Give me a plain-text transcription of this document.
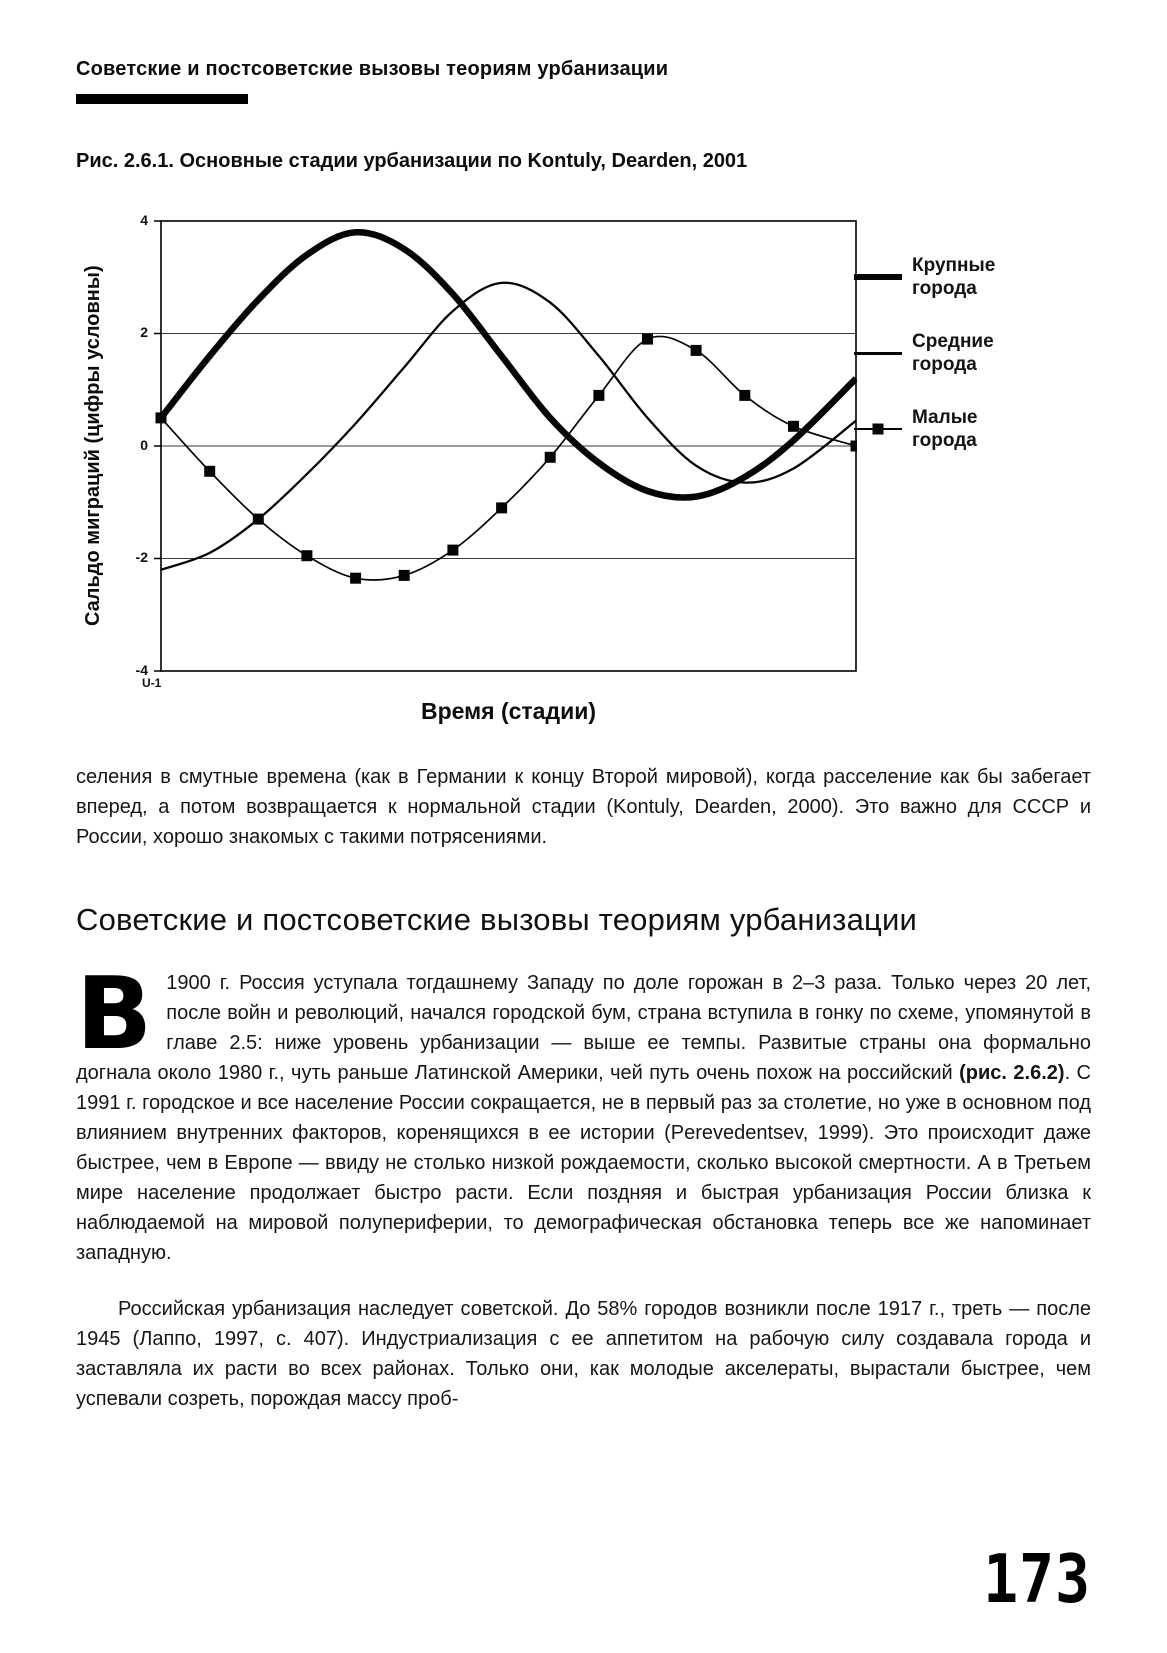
Советские и постсоветские вызовы теориям урбанизации
Рис. 2.6.1. Основные стадии урбанизации по Kontuly, Dearden, 2001
Сальдо миграций (цифры условны)
4
2
0
-2
-4
U-1
Время (стадии)
Крупные города
Средние города
Малые города

селения в смутные времена (как в Германии к концу Второй мировой), когда расселение как бы забегает вперед, а потом возвращается к нормальной стадии (Kontuly, Dearden, 2000). Это важно для СССР и России, хорошо знакомых с такими потрясениями.

Советские и постсоветские вызовы теориям урбанизации

В 1900 г. Россия уступала тогдашнему Западу по доле горожан в 2–3 раза. Только через 20 лет, после войн и революций, начался городской бум, страна вступила в гонку по схеме, упомянутой в главе 2.5: ниже уровень урбанизации — выше ее темпы. Развитые страны она формально догнала около 1980 г., чуть раньше Латинской Америки, чей путь очень похож на российский (рис. 2.6.2). С 1991 г. городское и все население России сокращается, не в первый раз за столетие, но уже в основном под влиянием внутренних факторов, коренящихся в ее истории (Perevedentsev, 1999). Это происходит даже быстрее, чем в Европе — ввиду не столько низкой рождаемости, сколько высокой смертности. А в Третьем мире население продолжает быстро расти. Если поздняя и быстрая урбанизация России близка к наблюдаемой на мировой полупериферии, то демографическая обстановка теперь все же напоминает западную.

Российская урбанизация наследует советской. До 58% городов возникли после 1917 г., треть — после 1945 (Лаппо, 1997, с. 407). Индустриализация с ее аппетитом на рабочую силу создавала города и заставляла их расти во всех районах. Только они, как молодые акселераты, вырастали быстрее, чем успевали созреть, порождая массу проб-

173
